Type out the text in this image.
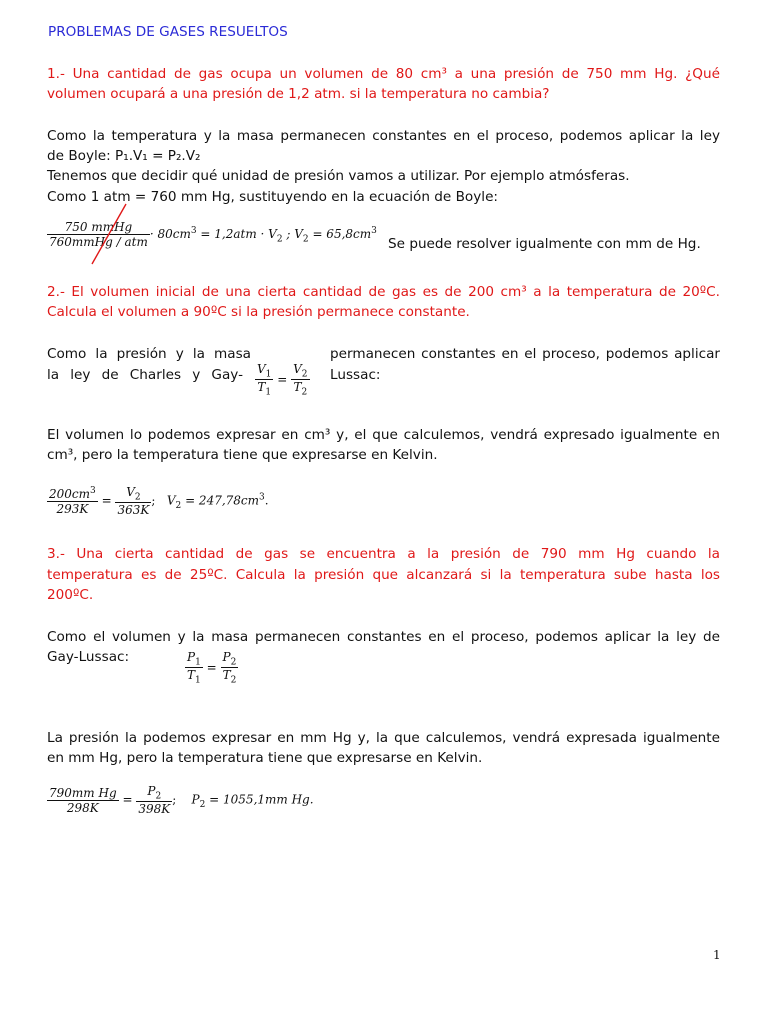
PROBLEMAS DE GASES RESUELTOS
1.- Una cantidad de gas ocupa un volumen de 80 cm³ a una presión de 750 mm Hg. ¿Qué
volumen ocupará a una presión de 1,2 atm. si la temperatura no cambia?
Como la temperatura y la masa permanecen constantes en el proceso, podemos aplicar la ley
de Boyle: P₁.V₁ = P₂.V₂
Tenemos que decidir qué unidad de presión vamos a utilizar. Por ejemplo atmósferas.
Como 1 atm = 760 mm Hg, sustituyendo en la ecuación de Boyle:
$\frac{\text{750 mmHg}}{\text{760mmHg / atm}} \cdot 80cm^3 = 1,2atm \cdot V_2$ ; $V_2 = 65,8cm^3$
Se puede resolver igualmente con mm de Hg.
2.- El volumen inicial de una cierta cantidad de gas es de 200 cm³ a la temperatura de 20ºC.
Calcula el volumen a 90ºC si la presión permanece constante.
Como la presión y la masa	permanecen constantes en el proceso, podemos aplicar
la ley de Charles y Gay-	Lussac:
$\frac{V_1}{T_1} = \frac{V_2}{T_2}$
El volumen lo podemos expresar en cm³ y, el que calculemos, vendrá expresado igualmente en
cm³, pero la temperatura tiene que expresarse en Kelvin.
$\frac{200cm^3}{293K} = \frac{V_2}{363K}$ ; $V_2 = 247,78cm^3$.
3.- Una cierta cantidad de gas se encuentra a la presión de 790 mm Hg cuando la
temperatura es de 25ºC. Calcula la presión que alcanzará si la temperatura sube hasta los
200ºC.
Como el volumen y la masa permanecen constantes en el proceso, podemos aplicar la ley de
Gay-Lussac:	$\frac{P_1}{T_1} = \frac{P_2}{T_2}$
La presión la podemos expresar en mm Hg y, la que calculemos, vendrá expresada igualmente
en mm Hg, pero la temperatura tiene que expresarse en Kelvin.
$\frac{\text{790mm Hg}}{298K} = \frac{P_2}{398K}$ ; $P_2 = 1055,1mm$ Hg.
1
